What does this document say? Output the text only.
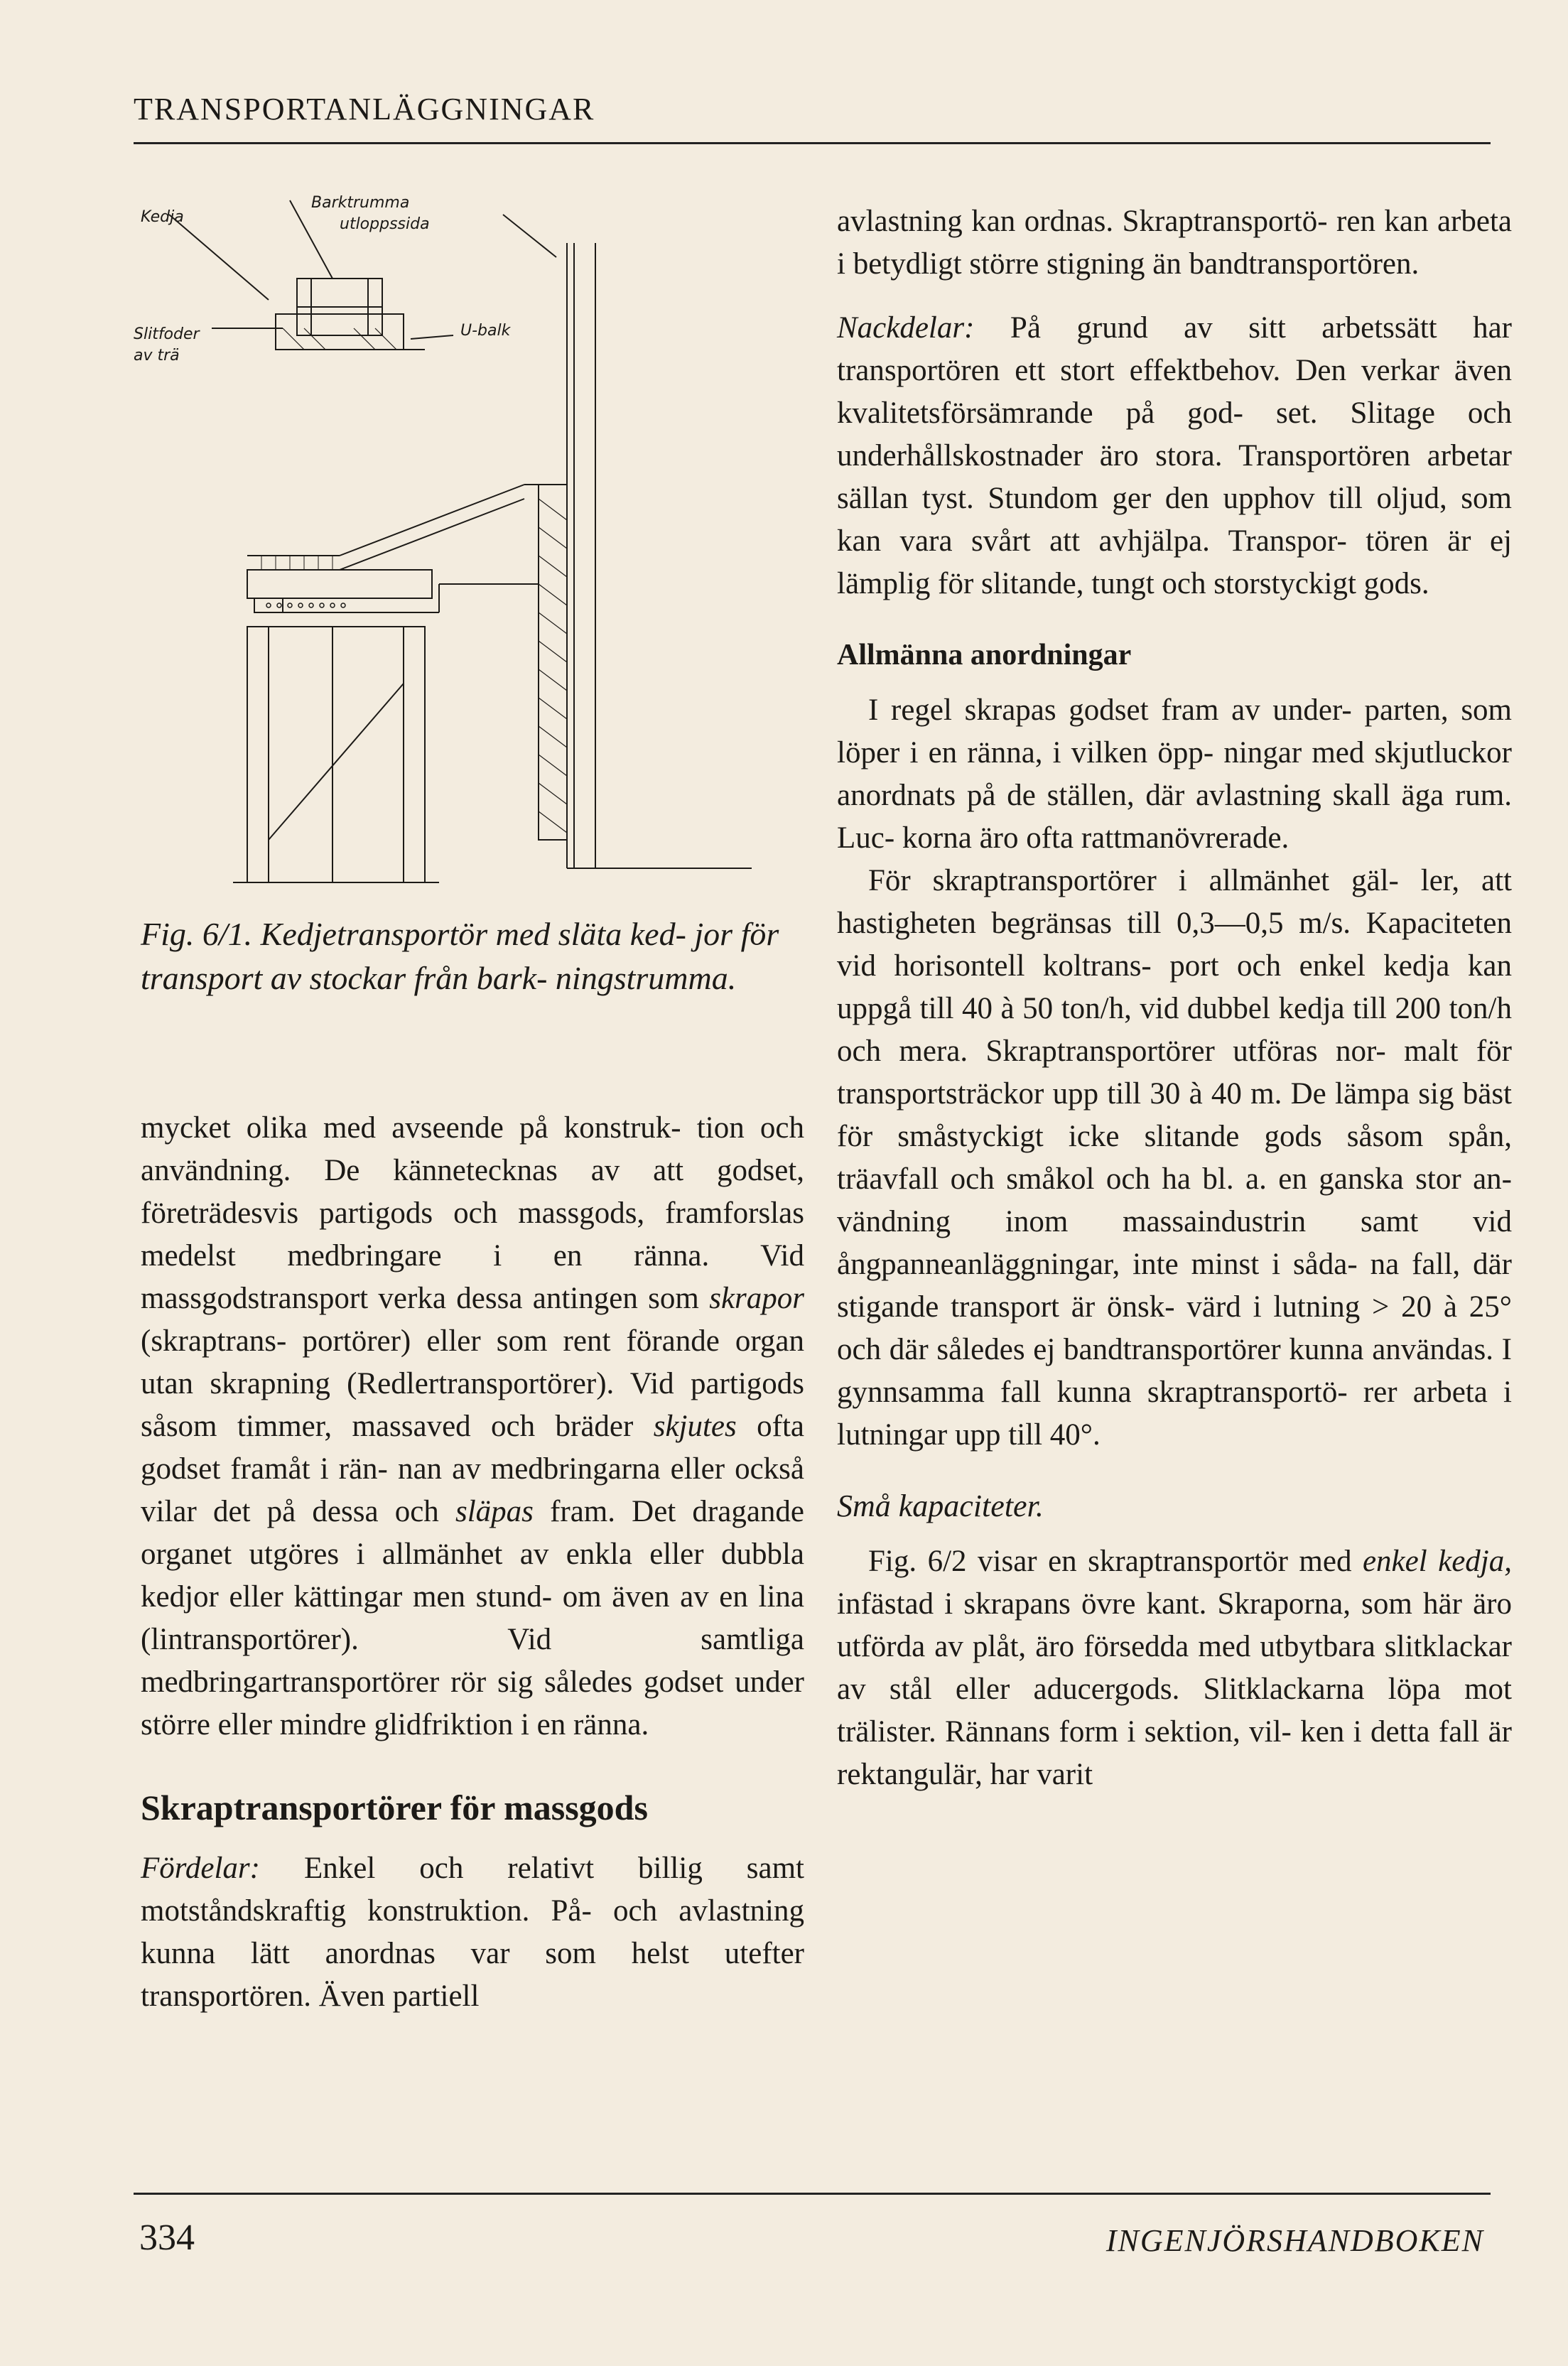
TRANSPORTANLÄGGNINGAR
Kedja
Barktrumma
utloppssida
Slitfoder
av trä
U-balk
Fig. 6/1. Kedjetransportör med släta ked- jor för transport av stockar från bark- ningstrumma.

mycket olika med avseende på konstruk- tion och användning. De kännetecknas av att godset, företrädesvis partigods och massgods, framforslas medelst medbringare i en ränna. Vid massgodstransport verka dessa antingen som skrapor (skraptrans- portörer) eller som rent förande organ utan skrapning (Redlertransportörer). Vid partigods såsom timmer, massaved och bräder skjutes ofta godset framåt i rän- nan av medbringarna eller också vilar det på dessa och släpas fram. Det dragande organet utgöres i allmänhet av enkla eller dubbla kedjor eller kättingar men stund- om även av en lina (lintransportörer). Vid samtliga medbringartransportörer rör sig således godset under större eller mindre glidfriktion i en ränna.

Skraptransportörer för massgods

Fördelar: Enkel och relativt billig samt motståndskraftig konstruktion. På- och avlastning kunna lätt anordnas var som helst utefter transportören. Även partiell

avlastning kan ordnas. Skraptransportö- ren kan arbeta i betydligt större stigning än bandtransportören.

Nackdelar: På grund av sitt arbetssätt har transportören ett stort effektbehov. Den verkar även kvalitetsförsämrande på god- set. Slitage och underhållskostnader äro stora. Transportören arbetar sällan tyst. Stundom ger den upphov till oljud, som kan vara svårt att avhjälpa. Transpor- tören är ej lämplig för slitande, tungt och storstyckigt gods.

Allmänna anordningar

I regel skrapas godset fram av under- parten, som löper i en ränna, i vilken öpp- ningar med skjutluckor anordnats på de ställen, där avlastning skall äga rum. Luc- korna äro ofta rattmanövrerade.

För skraptransportörer i allmänhet gäl- ler, att hastigheten begränsas till 0,3—0,5 m/s. Kapaciteten vid horisontell koltrans- port och enkel kedja kan uppgå till 40 à 50 ton/h, vid dubbel kedja till 200 ton/h och mera. Skraptransportörer utföras nor- malt för transportsträckor upp till 30 à 40 m. De lämpa sig bäst för småstyckigt icke slitande gods såsom spån, träavfall och småkol och ha bl. a. en ganska stor an- vändning inom massaindustrin samt vid ångpanneanläggningar, inte minst i såda- na fall, där stigande transport är önsk- värd i lutning > 20 à 25° och där således ej bandtransportörer kunna användas. I gynnsamma fall kunna skraptransportö- rer arbeta i lutningar upp till 40°.

Små kapaciteter.

Fig. 6/2 visar en skraptransportör med enkel kedja, infästad i skrapans övre kant. Skraporna, som här äro utförda av plåt, äro försedda med utbytbara slitklackar av stål eller aducergods. Slitklackarna löpa mot trälister. Rännans form i sektion, vil- ken i detta fall är rektangulär, har varit

334	INGENJÖRSHANDBOKEN
